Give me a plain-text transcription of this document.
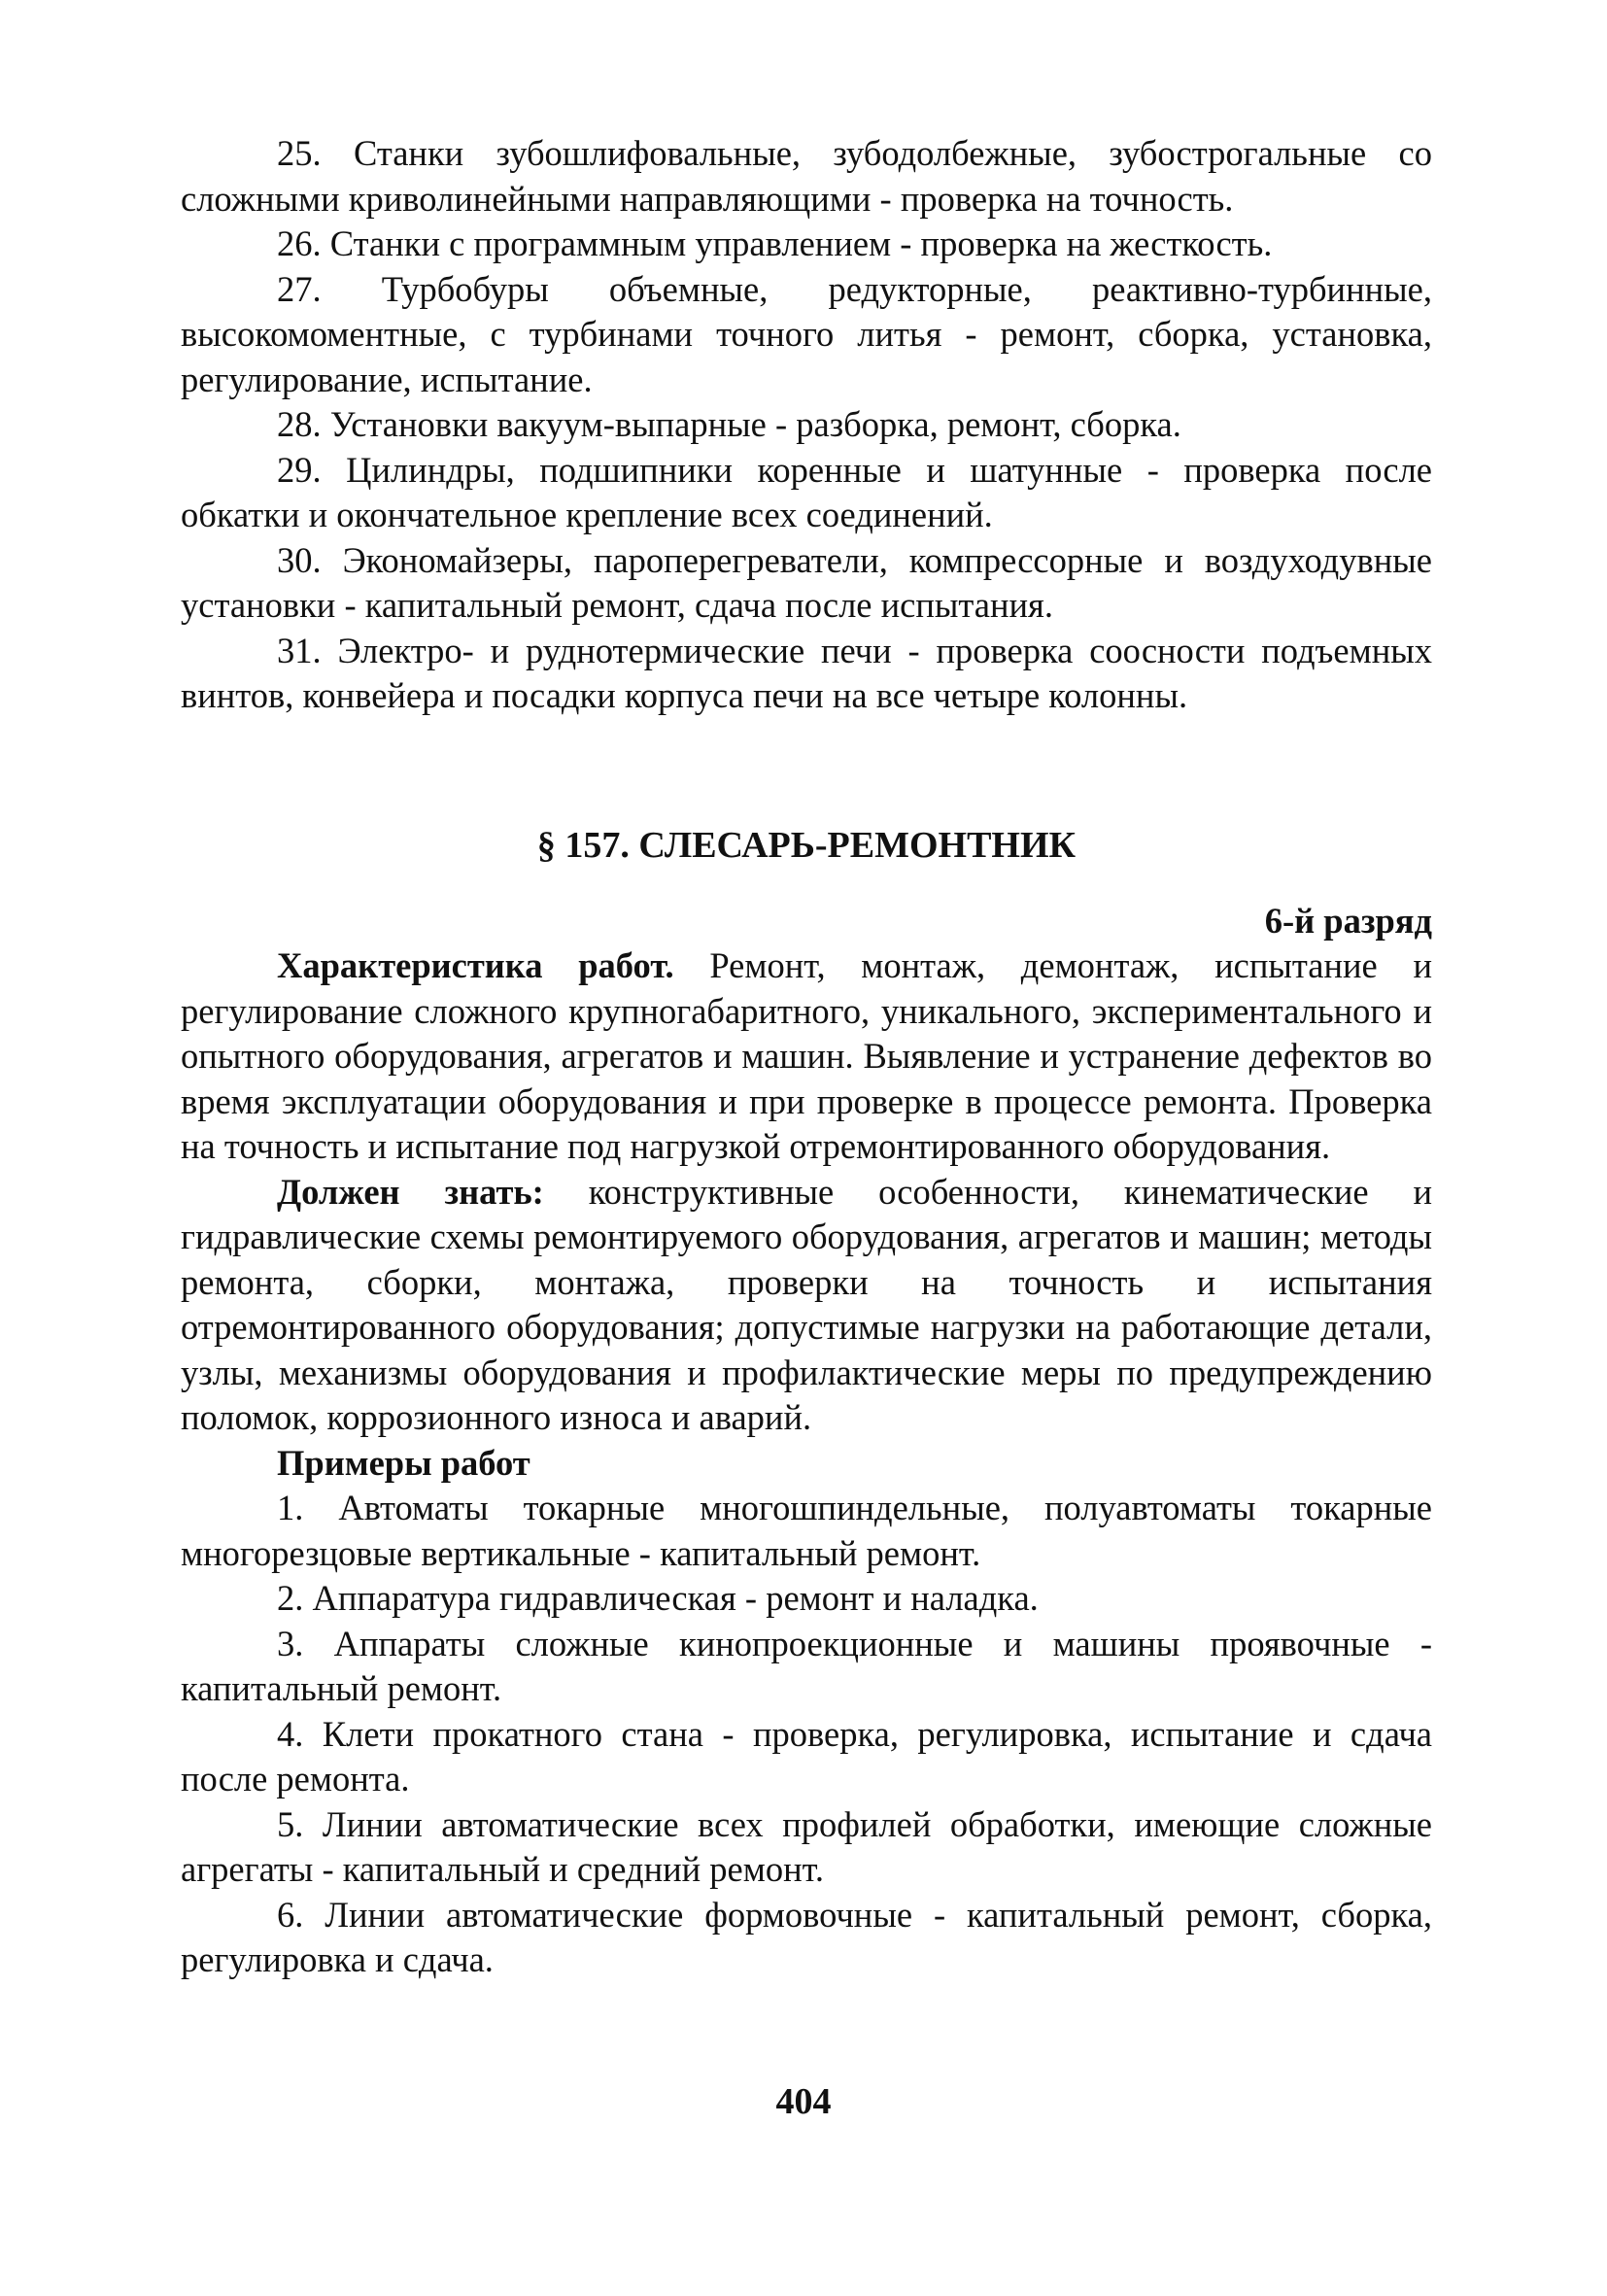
25. Станки зубошлифовальные, зубодолбежные, зубострогальные со сложными криволинейными направляющими - проверка на точность.

26. Станки с программным управлением - проверка на жесткость.

27. Турбобуры объемные, редукторные, реактивно-турбинные, высокомоментные, с турбинами точного литья - ремонт, сборка, установка, регулирование, испытание.

28. Установки вакуум-выпарные - разборка, ремонт, сборка.

29. Цилиндры, подшипники коренные и шатунные - проверка после обкатки и окончательное крепление всех соединений.

30. Экономайзеры, пароперегреватели, компрессорные и воздуходувные установки - капитальный ремонт, сдача после испытания.

31. Электро- и руднотермические печи - проверка соосности подъемных винтов, конвейера и посадки корпуса печи на все четыре колонны.

§ 157. СЛЕСАРЬ-РЕМОНТНИК

6-й разряд

Характеристика работ. Ремонт, монтаж, демонтаж, испытание и регулирование сложного крупногабаритного, уникального, экспериментального и опытного оборудования, агрегатов и машин. Выявление и устранение дефектов во время эксплуатации оборудования и при проверке в процессе ремонта. Проверка на точность и испытание под нагрузкой отремонтированного оборудования.

Должен знать: конструктивные особенности, кинематические и гидравлические схемы ремонтируемого оборудования, агрегатов и машин; методы ремонта, сборки, монтажа, проверки на точность и испытания отремонтированного оборудования; допустимые нагрузки на работающие детали, узлы, механизмы оборудования и профилактические меры по предупреждению поломок, коррозионного износа и аварий.

Примеры работ

1. Автоматы токарные многошпиндельные, полуавтоматы токарные многорезцовые вертикальные - капитальный ремонт.

2. Аппаратура гидравлическая - ремонт и наладка.

3. Аппараты сложные кинопроекционные и машины проявочные - капитальный ремонт.

4. Клети прокатного стана - проверка, регулировка, испытание и сдача после ремонта.

5. Линии автоматические всех профилей обработки, имеющие сложные агрегаты - капитальный и средний ремонт.

6. Линии автоматические формовочные - капитальный ремонт, сборка, регулировка и сдача.

404
